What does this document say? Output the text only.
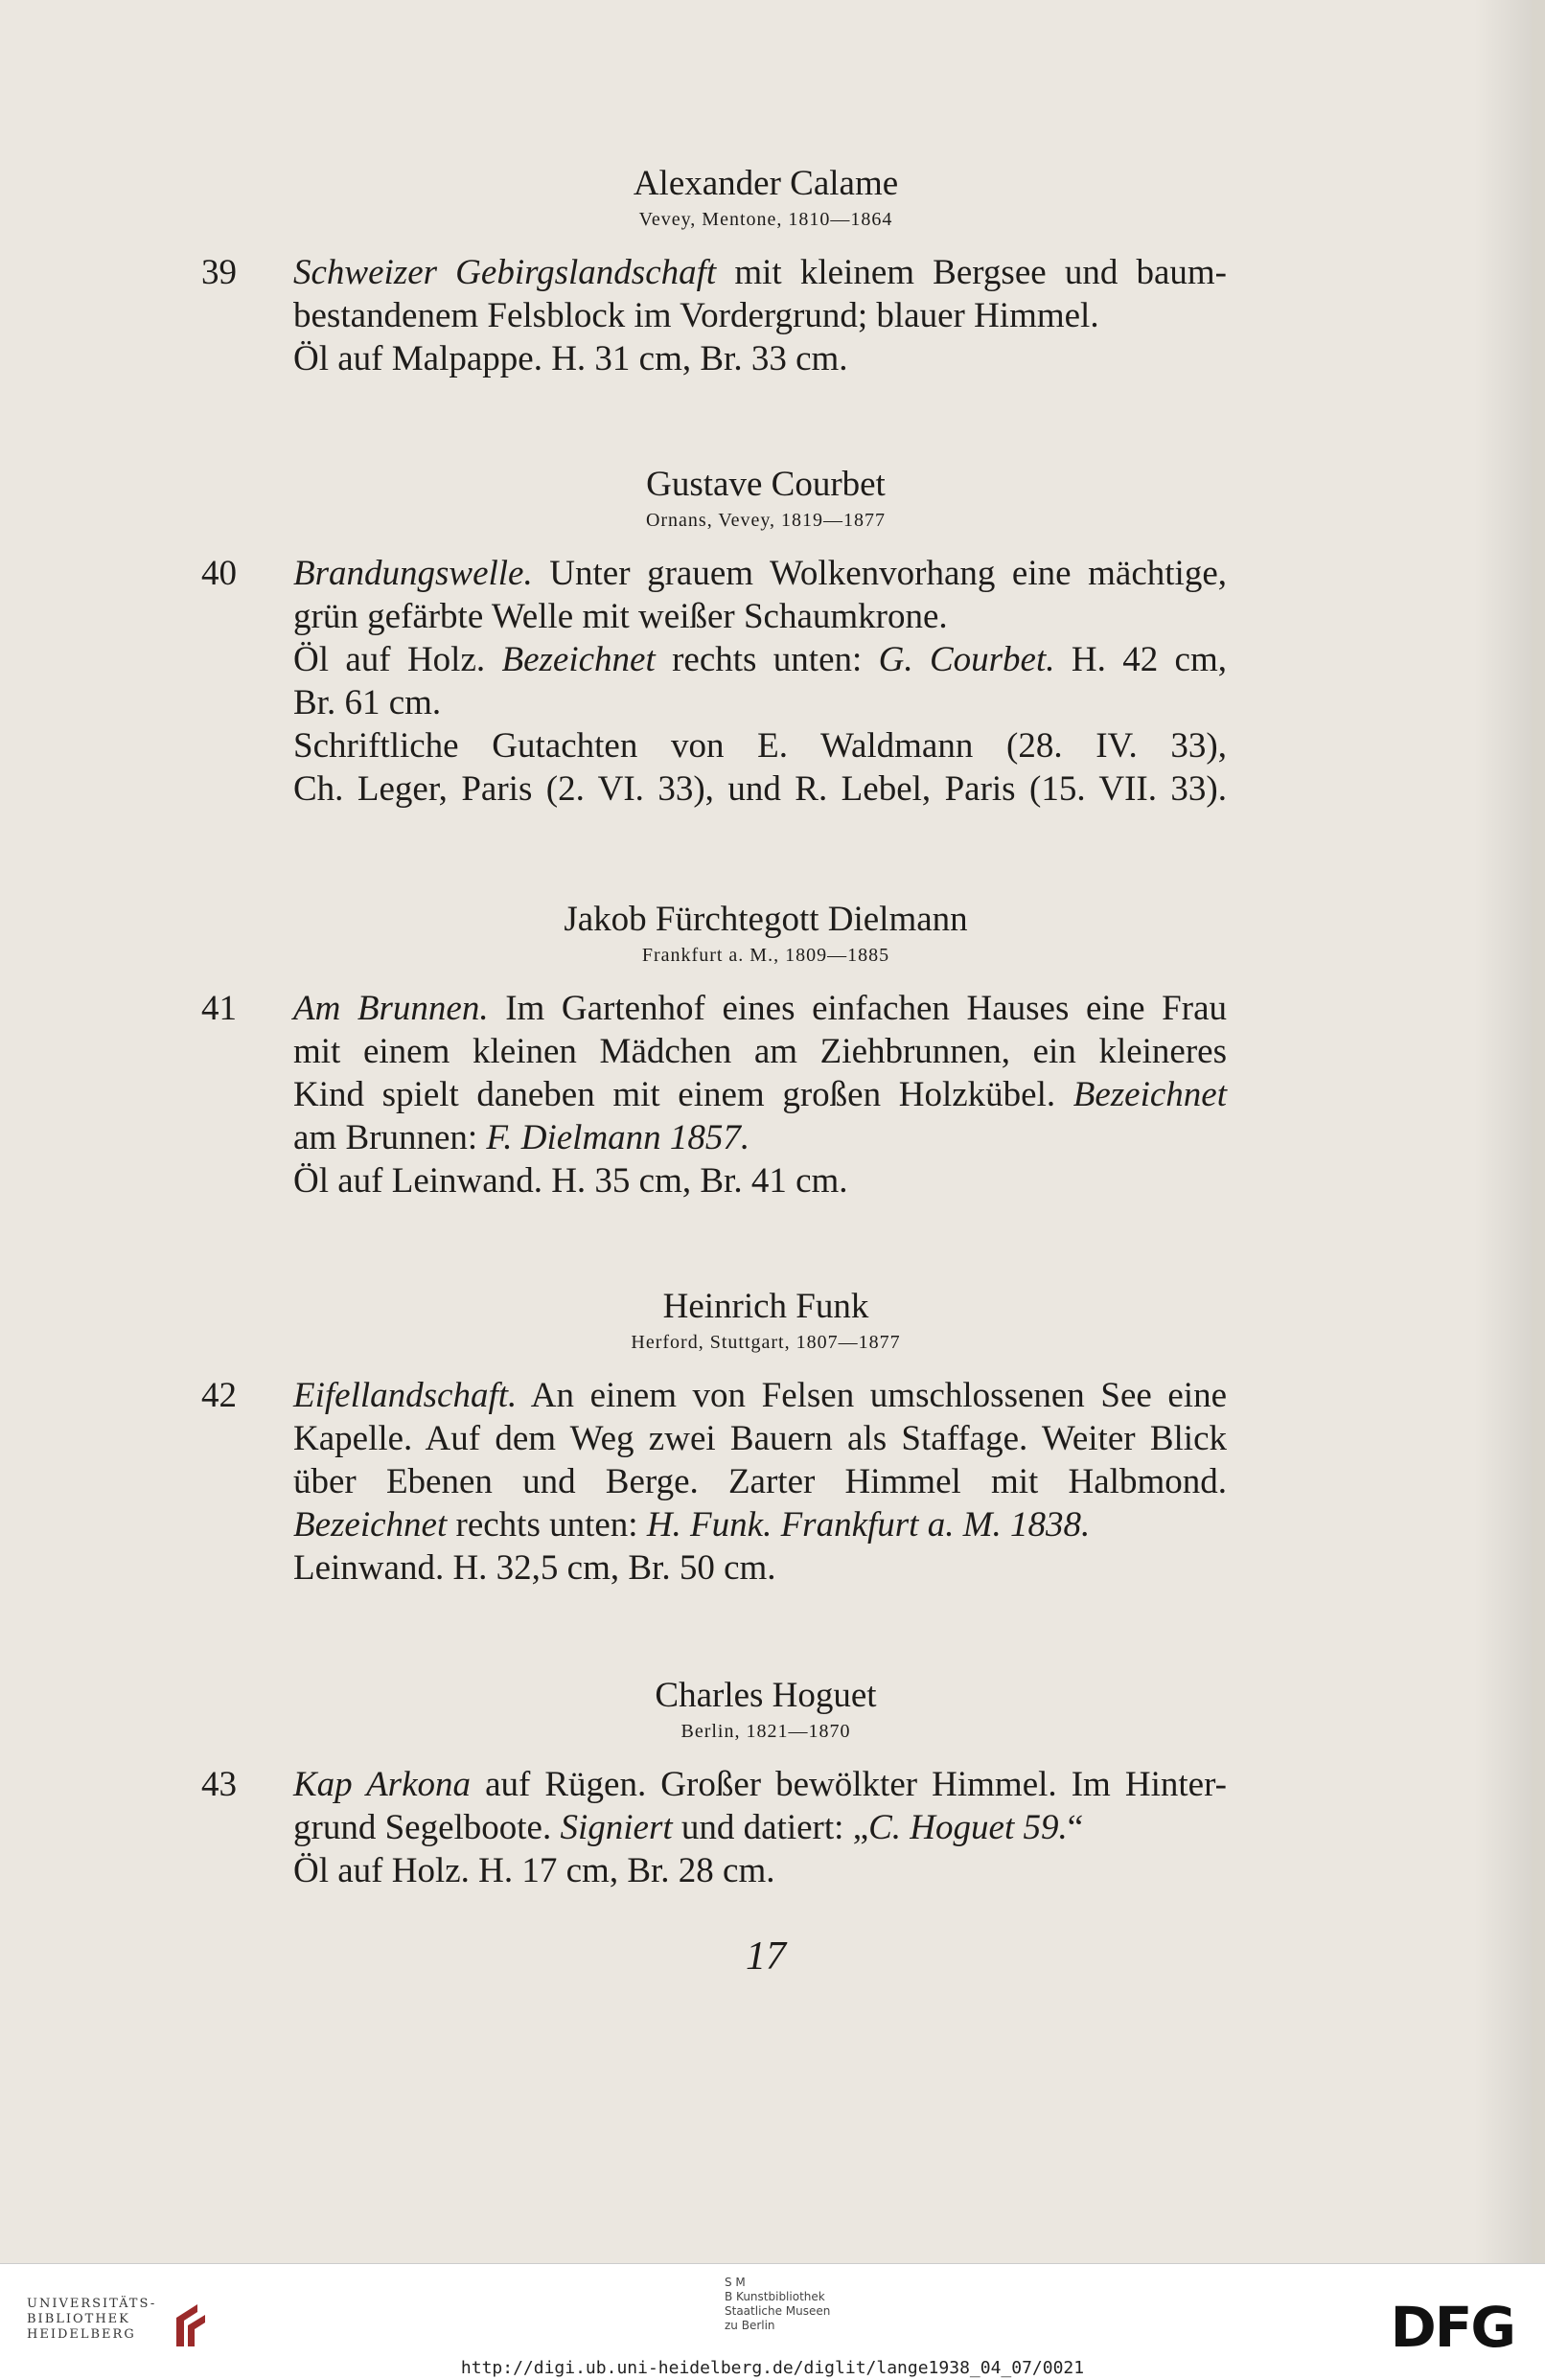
Alexander Calame
Vevey, Mentone, 1810—1864
39 Schweizer Gebirgslandschaft mit kleinem Bergsee und baum-
bestandenem Felsblock im Vordergrund; blauer Himmel.
Öl auf Malpappe. H. 31 cm, Br. 33 cm.
Gustave Courbet
Ornans, Vevey, 1819—1877
40 Brandungswelle. Unter grauem Wolkenvorhang eine mächtige,
grün gefärbte Welle mit weißer Schaumkrone.
Öl auf Holz. Bezeichnet rechts unten: G. Courbet. H. 42 cm,
Br. 61 cm.
Schriftliche Gutachten von E. Waldmann (28. IV. 33),
Ch. Leger, Paris (2. VI. 33), und R. Lebel, Paris (15. VII. 33).
Jakob Fürchtegott Dielmann
Frankfurt a. M., 1809—1885
41 Am Brunnen. Im Gartenhof eines einfachen Hauses eine Frau
mit einem kleinen Mädchen am Ziehbrunnen, ein kleineres
Kind spielt daneben mit einem großen Holzkübel. Bezeichnet
am Brunnen: F. Dielmann 1857.
Öl auf Leinwand. H. 35 cm, Br. 41 cm.
Heinrich Funk
Herford, Stuttgart, 1807—1877
42 Eifellandschaft. An einem von Felsen umschlossenen See eine
Kapelle. Auf dem Weg zwei Bauern als Staffage. Weiter Blick
über Ebenen und Berge. Zarter Himmel mit Halbmond.
Bezeichnet rechts unten: H. Funk. Frankfurt a. M. 1838.
Leinwand. H. 32,5 cm, Br. 50 cm.
Charles Hoguet
Berlin, 1821—1870
43 Kap Arkona auf Rügen. Großer bewölkter Himmel. Im Hinter-
grund Segelboote. Signiert und datiert: „C. Hoguet 59.“
Öl auf Holz. H. 17 cm, Br. 28 cm.
17
UNIVERSITÄTS-
BIBLIOTHEK
HEIDELBERG
S M
B Kunstbibliothek
Staatliche Museen
zu Berlin	DFG
http://digi.ub.uni-heidelberg.de/diglit/lange1938_04_07/0021
